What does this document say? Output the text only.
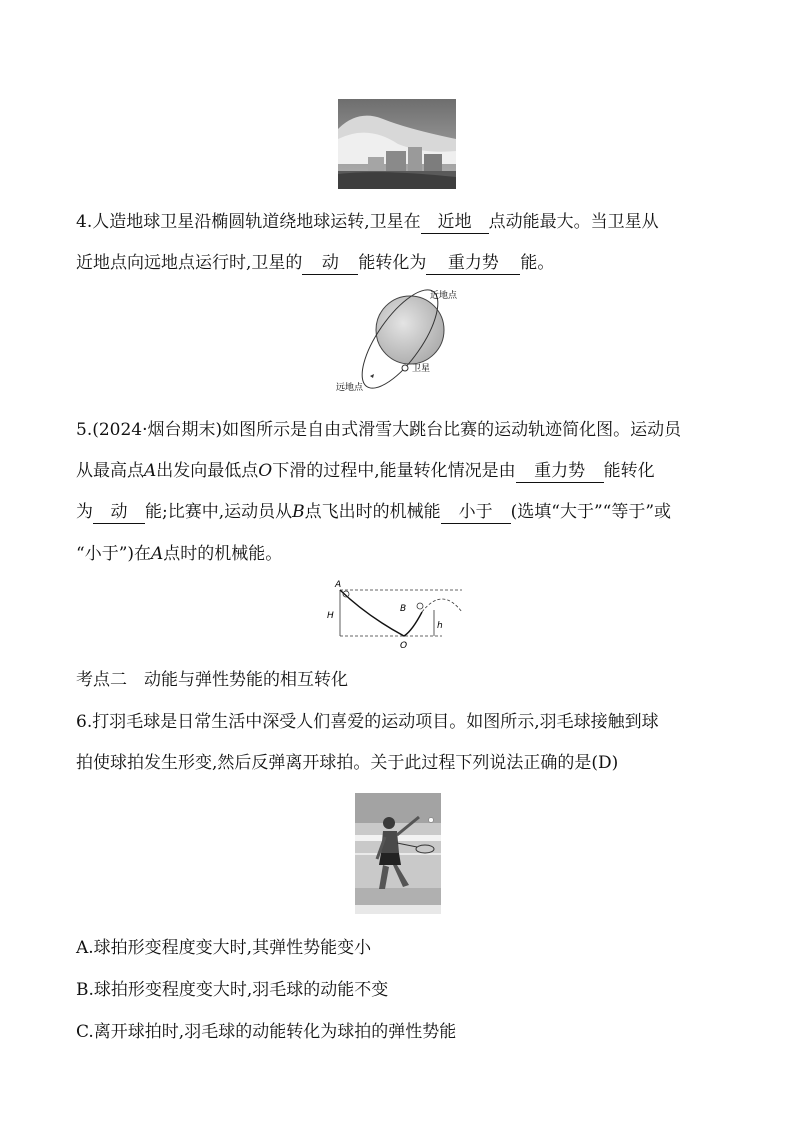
4.人造地球卫星沿椭圆轨道绕地球运转,卫星在 近地 点动能最大。当卫星从
近地点向远地点运行时,卫星的 动 能转化为 重力势 能。
近地点
卫星
远地点
5.(2024·烟台期末)如图所示是自由式滑雪大跳台比赛的运动轨迹简化图。运动员
从最高点A出发向最低点O下滑的过程中,能量转化情况是由 重力势 能转化
为 动 能;比赛中,运动员从B点飞出时的机械能 小于 (选填“大于”“等于”或
“小于”)在A点时的机械能。
A
B
H
h
O
考点二　动能与弹性势能的相互转化
6.打羽毛球是日常生活中深受人们喜爱的运动项目。如图所示,羽毛球接触到球
拍使球拍发生形变,然后反弹离开球拍。关于此过程下列说法正确的是(D)
A.球拍形变程度变大时,其弹性势能变小
B.球拍形变程度变大时,羽毛球的动能不变
C.离开球拍时,羽毛球的动能转化为球拍的弹性势能
